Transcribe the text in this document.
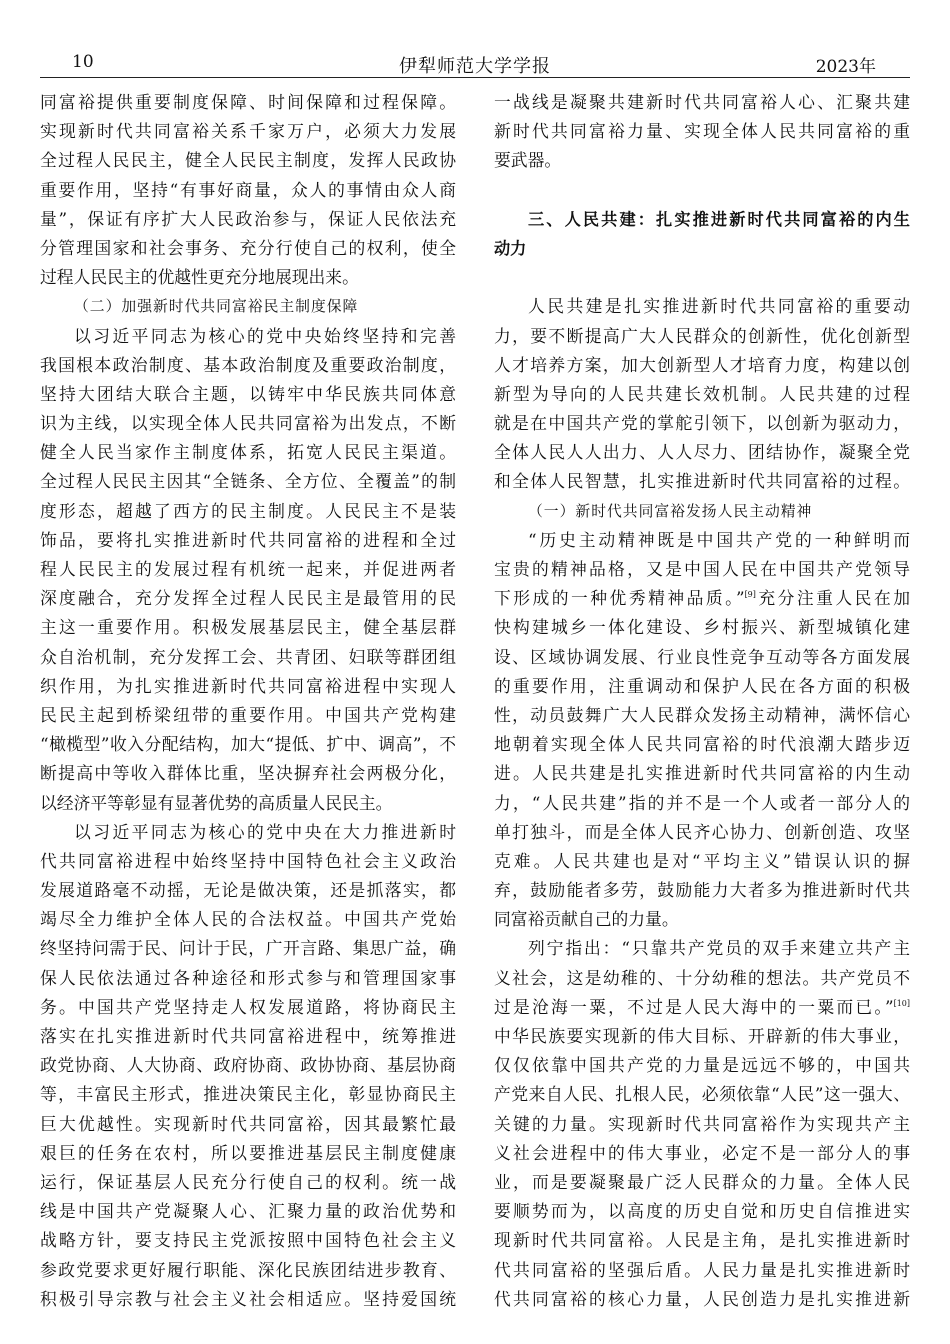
10	伊犁师范大学学报	2023年
同富裕提供重要制度保障、时间保障和过程保障。
实现新时代共同富裕关系千家万户，必须大力发展
全过程人民民主，健全人民民主制度，发挥人民政协
重要作用，坚持“有事好商量，众人的事情由众人商
量”，保证有序扩大人民政治参与，保证人民依法充
分管理国家和社会事务、充分行使自己的权利，使全
过程人民民主的优越性更充分地展现出来。
（二）加强新时代共同富裕民主制度保障
以习近平同志为核心的党中央始终坚持和完善
我国根本政治制度、基本政治制度及重要政治制度，
坚持大团结大联合主题，以铸牢中华民族共同体意
识为主线，以实现全体人民共同富裕为出发点，不断
健全人民当家作主制度体系，拓宽人民民主渠道。
全过程人民民主因其“全链条、全方位、全覆盖”的制
度形态，超越了西方的民主制度。人民民主不是装
饰品，要将扎实推进新时代共同富裕的进程和全过
程人民民主的发展过程有机统一起来，并促进两者
深度融合，充分发挥全过程人民民主是最管用的民
主这一重要作用。积极发展基层民主，健全基层群
众自治机制，充分发挥工会、共青团、妇联等群团组
织作用，为扎实推进新时代共同富裕进程中实现人
民民主起到桥梁纽带的重要作用。中国共产党构建
“橄榄型”收入分配结构，加大“提低、扩中、调高”，不
断提高中等收入群体比重，坚决摒弃社会两极分化，
以经济平等彰显有显著优势的高质量人民民主。
以习近平同志为核心的党中央在大力推进新时
代共同富裕进程中始终坚持中国特色社会主义政治
发展道路毫不动摇，无论是做决策，还是抓落实，都
竭尽全力维护全体人民的合法权益。中国共产党始
终坚持问需于民、问计于民，广开言路、集思广益，确
保人民依法通过各种途径和形式参与和管理国家事
务。中国共产党坚持走人权发展道路，将协商民主
落实在扎实推进新时代共同富裕进程中，统筹推进
政党协商、人大协商、政府协商、政协协商、基层协商
等，丰富民主形式，推进决策民主化，彰显协商民主
巨大优越性。实现新时代共同富裕，因其最繁忙最
艰巨的任务在农村，所以要推进基层民主制度健康
运行，保证基层人民充分行使自己的权利。统一战
线是中国共产党凝聚人心、汇聚力量的政治优势和
战略方针，要支持民主党派按照中国特色社会主义
参政党要求更好履行职能、深化民族团结进步教育、
积极引导宗教与社会主义社会相适应。坚持爱国统
一战线是凝聚共建新时代共同富裕人心、汇聚共建
新时代共同富裕力量、实现全体人民共同富裕的重
要武器。
三、人民共建：扎实推进新时代共同富裕的内生
动力
人民共建是扎实推进新时代共同富裕的重要动
力，要不断提高广大人民群众的创新性，优化创新型
人才培养方案，加大创新型人才培育力度，构建以创
新型为导向的人民共建长效机制。人民共建的过程
就是在中国共产党的掌舵引领下，以创新为驱动力，
全体人民人人出力、人人尽力、团结协作，凝聚全党
和全体人民智慧，扎实推进新时代共同富裕的过程。
（一）新时代共同富裕发扬人民主动精神
“历史主动精神既是中国共产党的一种鲜明而
宝贵的精神品格，又是中国人民在中国共产党领导
下形成的一种优秀精神品质。”[9]充分注重人民在加
快构建城乡一体化建设、乡村振兴、新型城镇化建
设、区域协调发展、行业良性竞争互动等各方面发展
的重要作用，注重调动和保护人民在各方面的积极
性，动员鼓舞广大人民群众发扬主动精神，满怀信心
地朝着实现全体人民共同富裕的时代浪潮大踏步迈
进。人民共建是扎实推进新时代共同富裕的内生动
力，“人民共建”指的并不是一个人或者一部分人的
单打独斗，而是全体人民齐心协力、创新创造、攻坚
克难。人民共建也是对“平均主义”错误认识的摒
弃，鼓励能者多劳，鼓励能力大者多为推进新时代共
同富裕贡献自己的力量。
列宁指出：“只靠共产党员的双手来建立共产主
义社会，这是幼稚的、十分幼稚的想法。共产党员不
过是沧海一粟，不过是人民大海中的一粟而已。”[10]
中华民族要实现新的伟大目标、开辟新的伟大事业，
仅仅依靠中国共产党的力量是远远不够的，中国共
产党来自人民、扎根人民，必须依靠“人民”这一强大、
关键的力量。实现新时代共同富裕作为实现共产主
义社会进程中的伟大事业，必定不是一部分人的事
业，而是要凝聚最广泛人民群众的力量。全体人民
要顺势而为，以高度的历史自觉和历史自信推进实
现新时代共同富裕。人民是主角，是扎实推进新时
代共同富裕的坚强后盾。人民力量是扎实推进新时
代共同富裕的核心力量，人民创造力是扎实推进新
